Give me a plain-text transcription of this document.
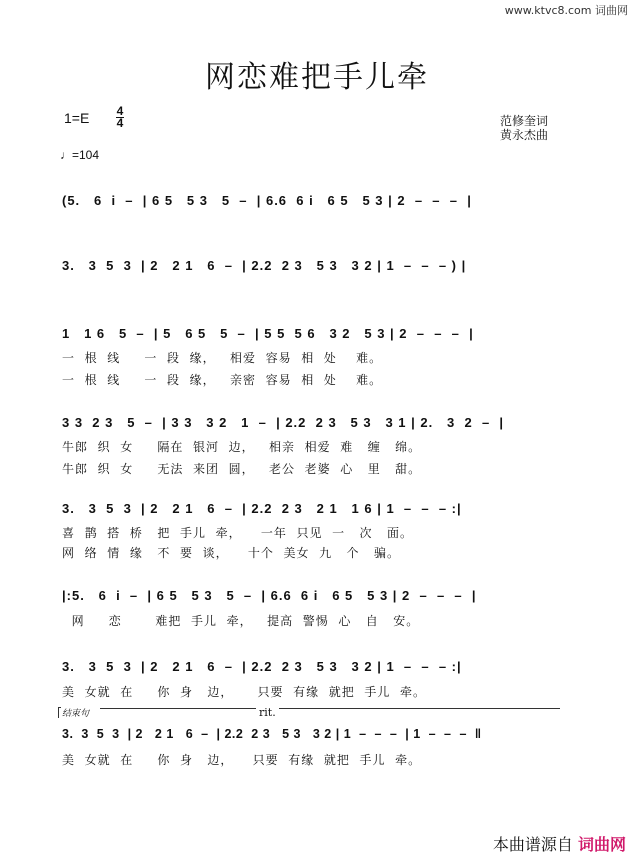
www.ktvc8.com 词曲网
网恋难把手儿牵
1=E 4
4
♩=104
范修奎词
黄永杰曲
(5.   6  i  –  | 6 5   5 3   5  –  | 6.6  6 i   6 5   5 3 | 2  –  –  –  |
3.   3  5  3  | 2   2 1   6  –  | 2.2  2 3   5 3   3 2 | 1  –  –  – ) |
1   1 6   5  –  | 5   6 5   5  –  | 5 5  5 6   3 2   5 3 | 2  –  –  –  |
一  根  线     一  段  缘，   相爱  容易  相  处    难。
一  根  线     一  段  缘，   亲密  容易  相  处    难。
3 3  2 3   5  –  | 3 3   3 2   1  –  | 2.2  2 3   5 3   3 1 | 2.   3  2  –  |
牛郎  织  女     隔在  银河  边，   相亲  相爱  难   缠   绵。
牛郎  织  女     无法  来团  圆，   老公  老婆  心   里   甜。
3.   3  5  3  | 2   2 1   6  –  | 2.2  2 3   2 1   1 6 | 1  –  –  – :|
喜  鹊  搭  桥   把  手儿  牵，    一年  只见  一   次   面。
网  络  情  缘   不  要  谈，    十个  美女  九   个   骗。
|:5.   6  i  –  | 6 5   5 3   5  –  | 6.6  6 i   6 5   5 3 | 2  –  –  –  |
网     恋       难把  手儿  牵，   提高  警惕  心   自   安。
3.   3  5  3  | 2   2 1   6  –  | 2.2  2 3   5 3   3 2 | 1  –  –  – :|
美  女就  在     你  身   边，     只要  有缘  就把  手儿  牵。
结束句	rit.
3.  3  5  3  | 2   2 1   6  –  | 2.2  2 3   5 3   3 2 | 1  –  –  –  | 1  –  –  –  ‖
美  女就  在     你  身   边，    只要  有缘  就把  手儿  牵。
本曲谱源自 词曲网
